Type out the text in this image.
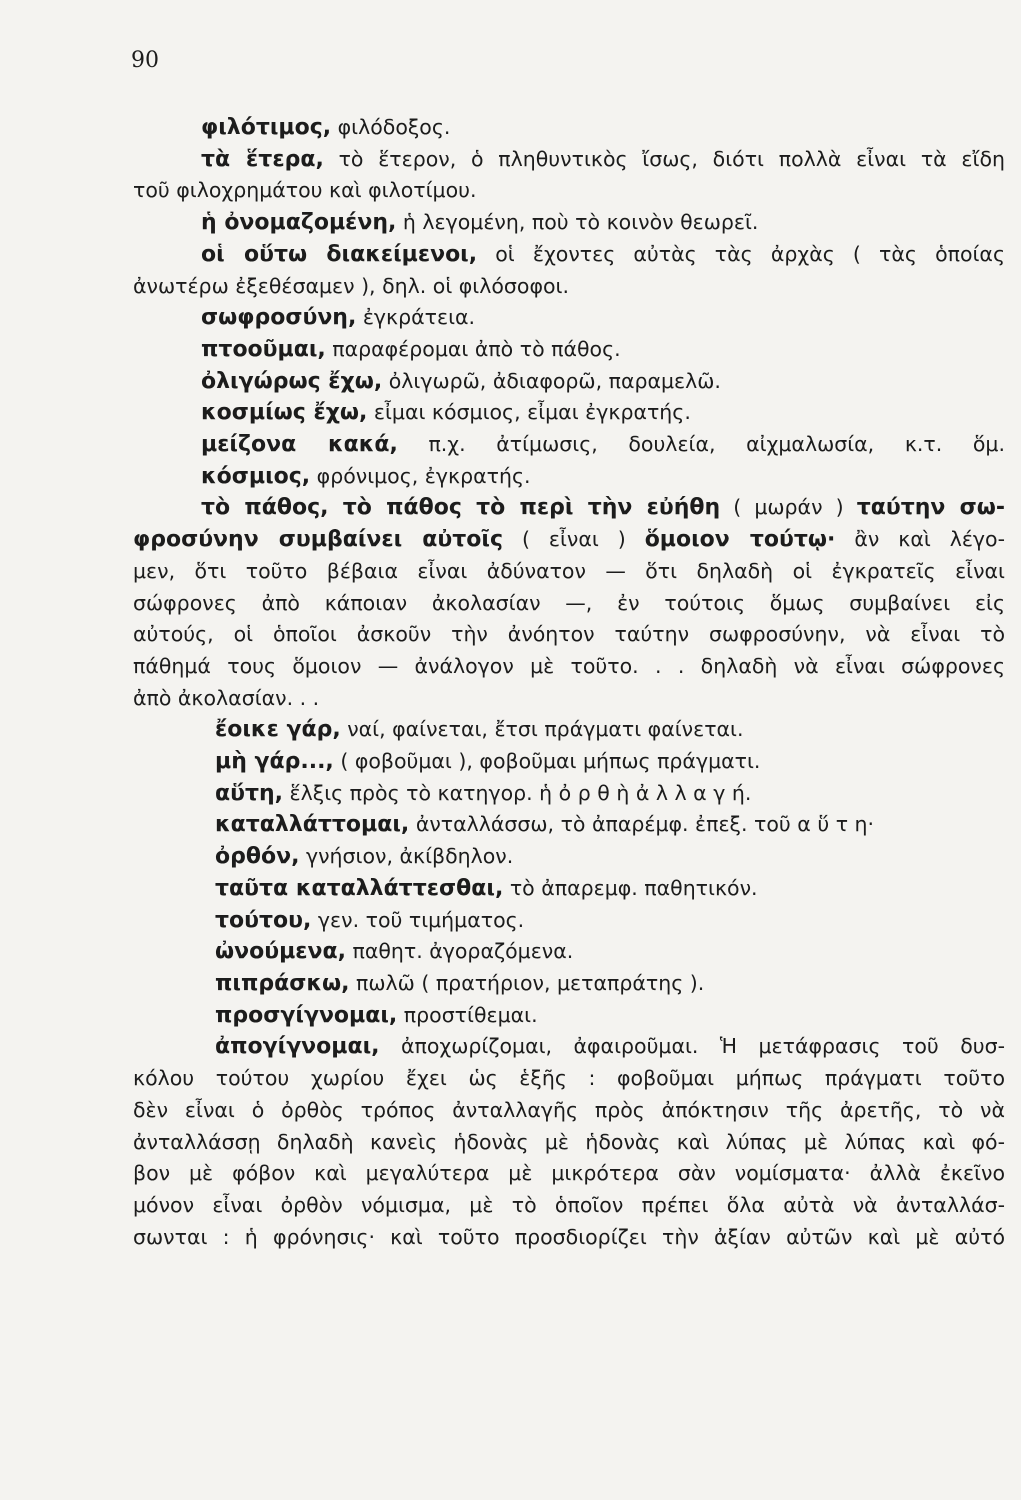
90
φιλότιμος, φιλόδοξος.
τὰ ἕτερα, τὸ ἕτερον, ὁ πληθυντικὸς ἴσως, διότι πολλὰ εἶναι τὰ εἴδη
τοῦ φιλοχρημάτου καὶ φιλοτίμου.
ἡ ὀνομαζομένη, ἡ λεγομένη, ποὺ τὸ κοινὸν θεωρεῖ.
οἱ οὕτω διακείμενοι, οἱ ἔχοντες αὐτὰς τὰς ἀρχὰς ( τὰς ὁποίας
ἀνωτέρω ἐξεθέσαμεν ), δηλ. οἱ φιλόσοφοι.
σωφροσύνη, ἐγκράτεια.
πτοοῦμαι, παραφέρομαι ἀπὸ τὸ πάθος.
ὀλιγώρως ἔχω, ὀλιγωρῶ, ἀδιαφορῶ, παραμελῶ.
κοσμίως ἔχω, εἶμαι κόσμιος, εἶμαι ἐγκρατής.
μείζονα κακά, π.χ. ἀτίμωσις, δουλεία, αἰχμαλωσία, κ.τ. ὅμ.
κόσμιος, φρόνιμος, ἐγκρατής.
τὸ πάθος, τὸ πάθος τὸ περὶ τὴν εὐήθη ( μωράν ) ταύτην σω-
φροσύνην συμβαίνει αὐτοῖς ( εἶναι ) ὅμοιον τούτῳ· ἂν καὶ λέγο-
μεν, ὅτι τοῦτο βέβαια εἶναι ἀδύνατον — ὅτι δηλαδὴ οἱ ἐγκρατεῖς εἶναι
σώφρονες ἀπὸ κάποιαν ἀκολασίαν —, ἐν τούτοις ὅμως συμβαίνει εἰς
αὐτούς, οἱ ὁποῖοι ἀσκοῦν τὴν ἀνόητον ταύτην σωφροσύνην, νὰ εἶναι τὸ
πάθημά τους ὅμοιον — ἀνάλογον μὲ τοῦτο. . . δηλαδὴ νὰ εἶναι σώφρονες
ἀπὸ ἀκολασίαν. . .
ἔοικε γάρ, ναί, φαίνεται, ἔτσι πράγματι φαίνεται.
μὴ γάρ..., ( φοβοῦμαι ), φοβοῦμαι μήπως πράγματι.
αὕτη, ἕλξις πρὸς τὸ κατηγορ. ἡ ὀ ρ θ ὴ ἀ λ λ α γ ή.
καταλλάττομαι, ἀνταλλάσσω, τὸ ἀπαρέμφ. ἐπεξ. τοῦ α ὕ τ η·
ὀρθόν, γνήσιον, ἀκίβδηλον.
ταῦτα καταλλάττεσθαι, τὸ ἀπαρεμφ. παθητικόν.
τούτου, γεν. τοῦ τιμήματος.
ὠνούμενα, παθητ. ἀγοραζόμενα.
πιπράσκω, πωλῶ ( πρατήριον, μεταπράτης ).
προσγίγνομαι, προστίθεμαι.
ἀπογίγνομαι, ἀποχωρίζομαι, ἀφαιροῦμαι. Ἡ μετάφρασις τοῦ δυσ-
κόλου τούτου χωρίου ἔχει ὡς ἑξῆς : φοβοῦμαι μήπως πράγματι τοῦτο
δὲν εἶναι ὁ ὀρθὸς τρόπος ἀνταλλαγῆς πρὸς ἀπόκτησιν τῆς ἀρετῆς, τὸ νὰ
ἀνταλλάσσῃ δηλαδὴ κανεὶς ἡδονὰς μὲ ἡδονὰς καὶ λύπας μὲ λύπας καὶ φό-
βον μὲ φόβον καὶ μεγαλύτερα μὲ μικρότερα σὰν νομίσματα· ἀλλὰ ἐκεῖνο
μόνον εἶναι ὀρθὸν νόμισμα, μὲ τὸ ὁποῖον πρέπει ὅλα αὐτὰ νὰ ἀνταλλάσ-
σωνται : ἡ φρόνησις· καὶ τοῦτο προσδιορίζει τὴν ἀξίαν αὐτῶν καὶ μὲ αὐτό
